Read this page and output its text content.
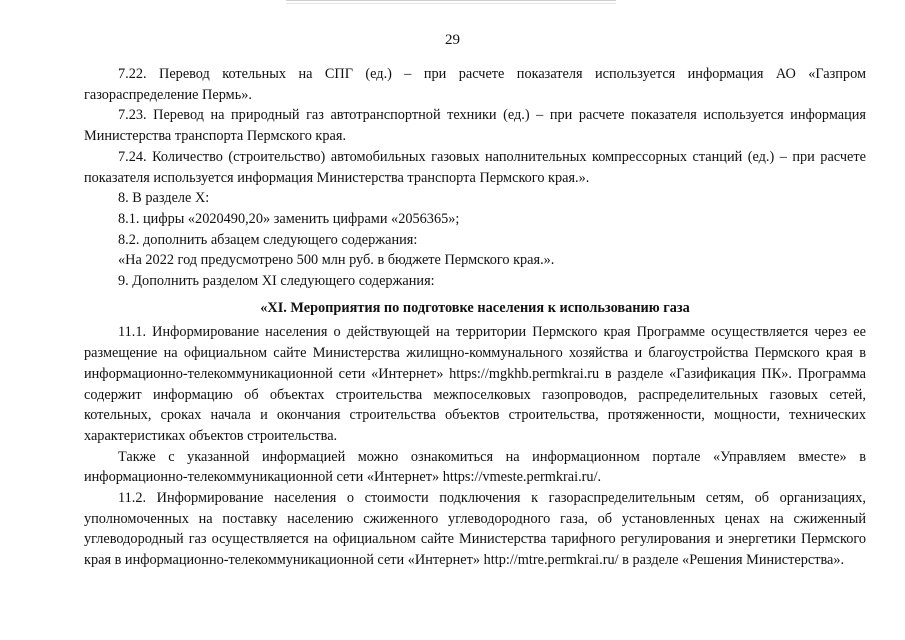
29

7.22. Перевод котельных на СПГ (ед.) – при расчете показателя используется информация АО «Газпром газораспределение Пермь».

7.23. Перевод на природный газ автотранспортной техники (ед.) – при расчете показателя используется информация Министерства транспорта Пермского края.

7.24. Количество (строительство) автомобильных газовых наполнительных компрессорных станций (ед.) – при расчете показателя используется информация Министерства транспорта Пермского края.».

8. В разделе X:

8.1. цифры «2020490,20» заменить цифрами «2056365»;

8.2. дополнить абзацем следующего содержания:

«На 2022 год предусмотрено 500 млн руб. в бюджете Пермского края.».

9. Дополнить разделом XI следующего содержания:

«XI. Мероприятия по подготовке населения к использованию газа

11.1. Информирование населения о действующей на территории Пермского края Программе осуществляется через ее размещение на официальном сайте Министерства жилищно-коммунального хозяйства и благоустройства Пермского края в информационно-телекоммуникационной сети «Интернет» https://mgkhb.permkrai.ru в разделе «Газификация ПК». Программа содержит информацию об объектах строительства межпоселковых газопроводов, распределительных газовых сетей, котельных, сроках начала и окончания строительства объектов строительства, протяженности, мощности, технических характеристиках объектов строительства.

Также с указанной информацией можно ознакомиться на информационном портале «Управляем вместе» в информационно-телекоммуникационной сети «Интернет» https://vmeste.permkrai.ru/.

11.2. Информирование населения о стоимости подключения к газораспределительным сетям, об организациях, уполномоченных на поставку населению сжиженного углеводородного газа, об установленных ценах на сжиженный углеводородный газ осуществляется на официальном сайте Министерства тарифного регулирования и энергетики Пермского края в информационно-телекоммуникационной сети «Интернет» http://mtre.permkrai.ru/ в разделе «Решения Министерства».
